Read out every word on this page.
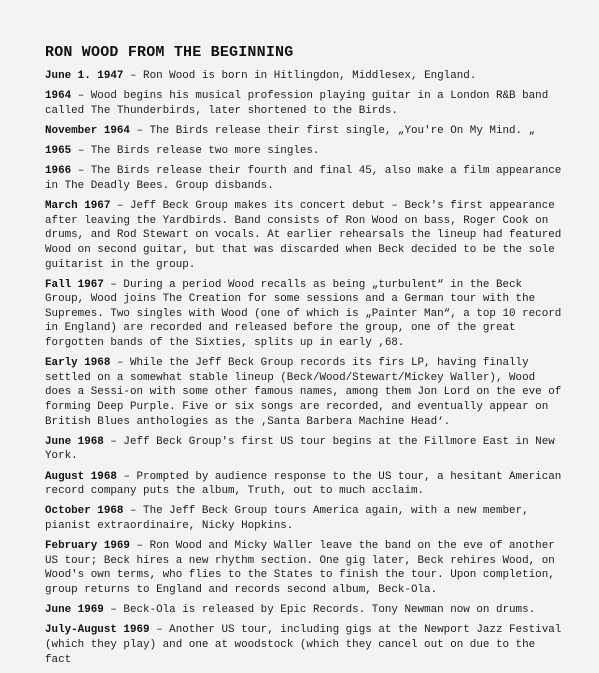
RON WOOD FROM THE BEGINNING

June 1. 1947 – Ron Wood is born in Hitlingdon, Middlesex, England.

1964 – Wood begins his musical profession playing guitar in a London R&B band called The Thunderbirds, later shortened to the Birds.

November 1964 – The Birds release their first single, „You're On My Mind. „

1965 – The Birds release two more singles.

1966 – The Birds release their fourth and final 45, also make a film appearance in The Deadly Bees. Group disbands.

March 1967 – Jeff Beck Group makes its concert debut – Beck's first appearance after leaving the Yardbirds. Band consists of Ron Wood on bass, Roger Cook on drums, and Rod Stewart on vocals. At earlier rehearsals the lineup had featured Wood on second guitar, but that was discarded when Beck decided to be the sole guitarist in the group.

Fall 1967 – During a period Wood recalls as being „turbulent“ in the Beck Group, Wood joins The Creation for some sessions and a German tour with the Supremes. Two singles with Wood (one of which is „Painter Man“, a top 10 record in England) are recorded and released before the group, one of the great forgotten bands of the Sixties, splits up in early ,68.

Early 1968 – While the Jeff Beck Group records its firs LP, having finally settled on a somewhat stable lineup (Beck/Wood/Stewart/Mickey Waller), Wood does a Sessi-on with some other famous names, among them Jon Lord on the eve of forming Deep Purple. Five or six songs are recorded, and eventually appear on British Blues anthologies as the ‚Santa Barbera Machine Head‘.

June 1968 – Jeff Beck Group's first US tour begins at the Fillmore East in New York.

August 1968 – Prompted by audience response to the US tour, a hesitant American record company puts the album, Truth, out to much acclaim.

October 1968 – The Jeff Beck Group tours America again, with a new member, pianist extraordinaire, Nicky Hopkins.

February 1969 – Ron Wood and Micky Waller leave the band on the eve of another US tour; Beck hires a new rhythm section. One gig later, Beck rehires Wood, on Wood's own terms, who flies to the States to finish the tour. Upon completion, group returns to England and records second album, Beck-Ola.

June 1969 – Beck-Ola is released by Epic Records. Tony Newman now on drums.

July-August 1969 – Another US tour, including gigs at the Newport Jazz Festival (which they play) and one at woodstock (which they cancel out on due to the fact
